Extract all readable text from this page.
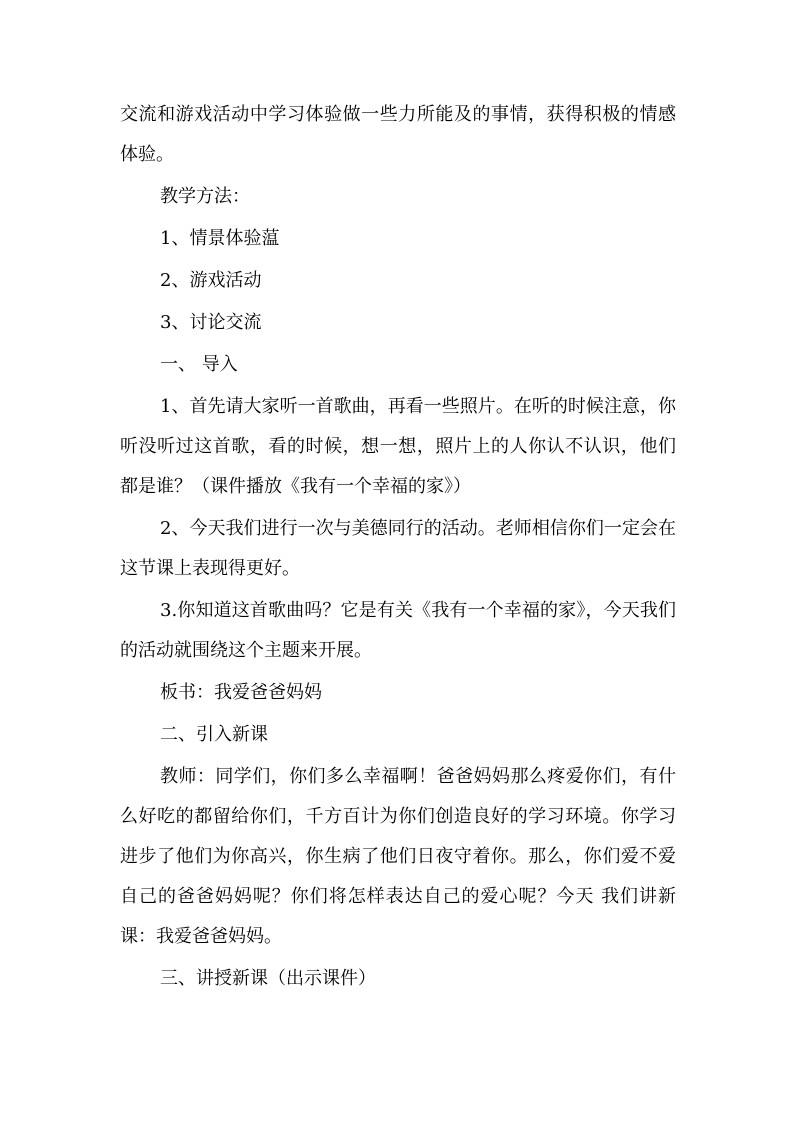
交流和游戏活动中学习体验做一些力所能及的事情，获得积极的情感体验。

教学方法：

1、情景体验蕰

2、游戏活动

3、讨论交流

一、 导入

1、首先请大家听一首歌曲，再看一些照片。在听的时候注意，你听没听过这首歌，看的时候，想一想，照片上的人你认不认识，他们都是谁？（课件播放《我有一个幸福的家》）

2、今天我们进行一次与美德同行的活动。老师相信你们一定会在这节课上表现得更好。

3.你知道这首歌曲吗？它是有关《我有一个幸福的家》，今天我们的活动就围绕这个主题来开展。

板书：我爱爸爸妈妈

二、引入新课

教师：同学们，你们多么幸福啊！爸爸妈妈那么疼爱你们，有什么好吃的都留给你们，千方百计为你们创造良好的学习环境。你学习进步了他们为你高兴，你生病了他们日夜守着你。那么，你们爱不爱自己的爸爸妈妈呢？你们将怎样表达自己的爱心呢？今天 我们讲新课：我爱爸爸妈妈。

三、讲授新课（出示课件）
